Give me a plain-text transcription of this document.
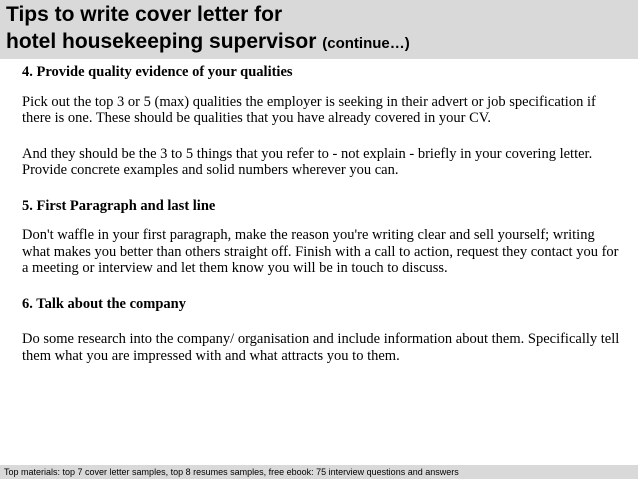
Tips to write cover letter for
hotel housekeeping supervisor (continue…)

4. Provide quality evidence of your qualities

Pick out the top 3 or 5 (max) qualities the employer is seeking in their advert or job specification if there is one. These should be qualities that you have already covered in your CV.

And they should be the 3 to 5 things that you refer to - not explain - briefly in your covering letter. Provide concrete examples and solid numbers wherever you can.

5. First Paragraph and last line

Don't waffle in your first paragraph, make the reason you're writing clear and sell yourself; writing what makes you better than others straight off. Finish with a call to action, request they contact you for a meeting or interview and let them know you will be in touch to discuss.

6. Talk about the company

Do some research into the company/ organisation and include information about them. Specifically tell them what you are impressed with and what attracts you to them.

Top materials: top 7 cover letter samples, top 8 resumes samples, free ebook: 75 interview questions and answers
